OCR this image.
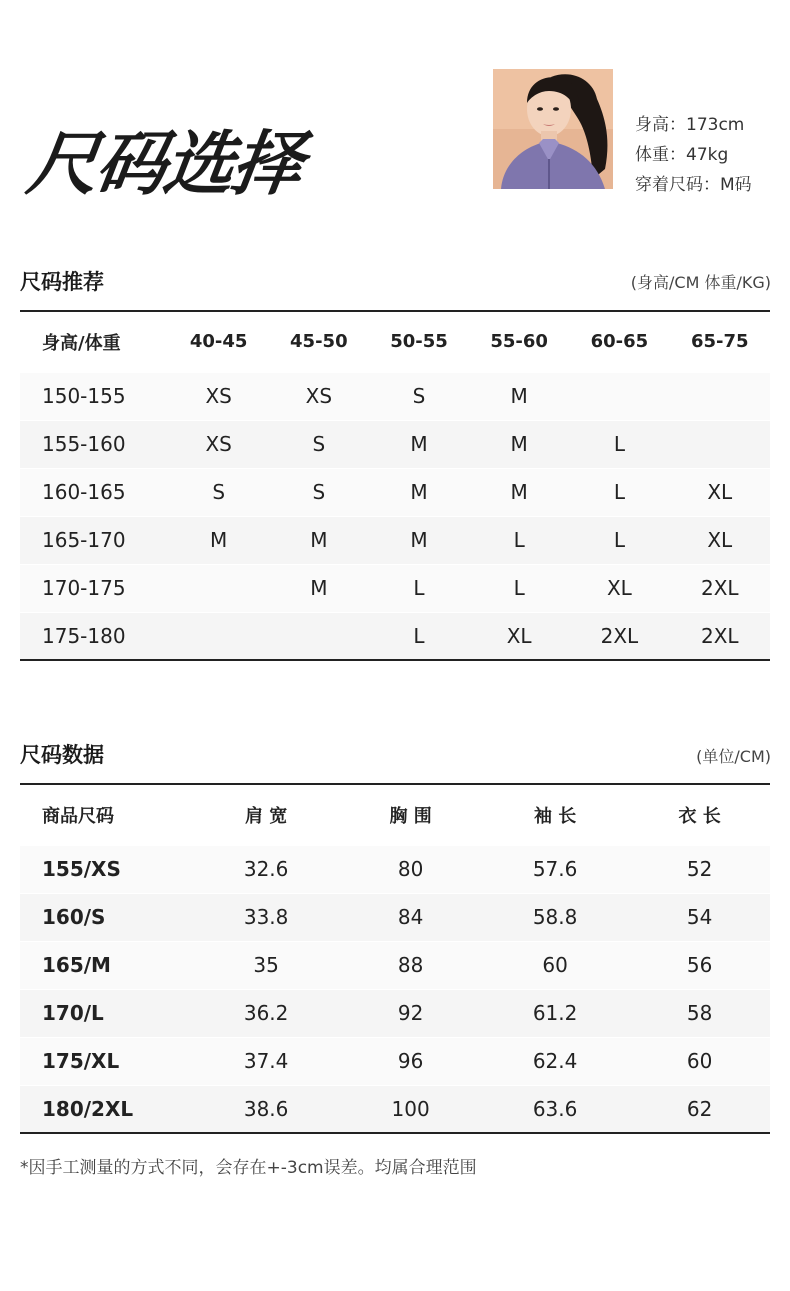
尺码选择	身高：173cm
体重：47kg
穿着尺码：M码
尺码推荐	(身高/CM 体重/KG)
身高/体重	40-45	45-50	50-55	55-60	60-65	65-75
150-155	XS	XS	S	M		
155-160	XS	S	M	M	L	
160-165	S	S	M	M	L	XL
165-170	M	M	M	L	L	XL
170-175		M	L	L	XL	2XL
175-180			L	XL	2XL	2XL
尺码数据	(单位/CM)
商品尺码	肩 宽	胸 围	袖 长	衣 长
155/XS	32.6	80	57.6	52
160/S	33.8	84	58.8	54
165/M	35	88	60	56
170/L	36.2	92	61.2	58
175/XL	37.4	96	62.4	60
180/2XL	38.6	100	63.6	62
*因手工测量的方式不同，会存在+-3cm误差。均属合理范围
